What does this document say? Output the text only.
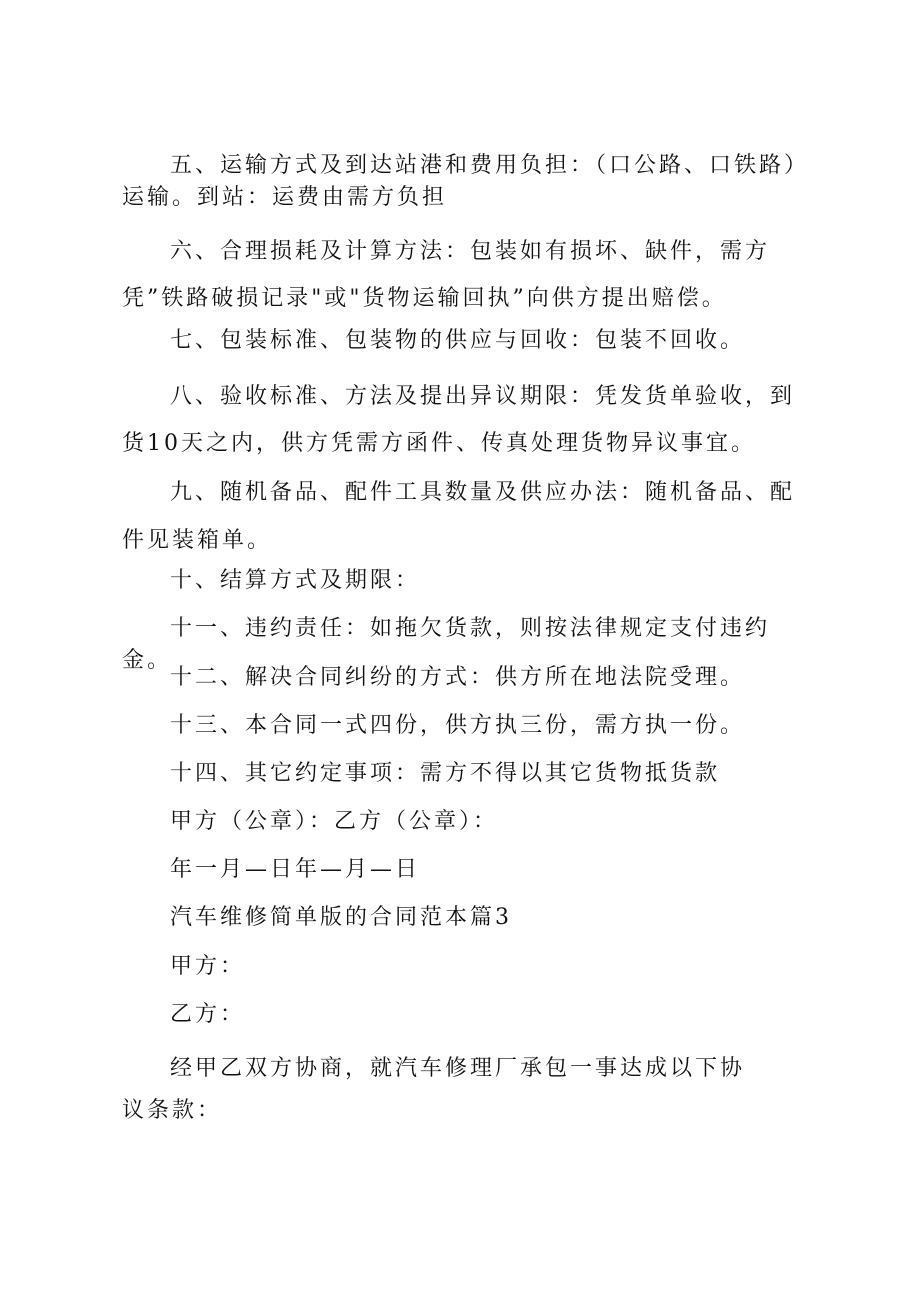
五、运输方式及到达站港和费用负担：（口公路、口铁路）运输。到站：运费由需方负担

六、合理损耗及计算方法：包装如有损坏、缺件，需方凭”铁路破损记录"或"货物运输回执”向供方提出赔偿。

七、包装标准、包装物的供应与回收：包装不回收。

八、验收标准、方法及提出异议期限：凭发货单验收，到货10天之内，供方凭需方函件、传真处理货物异议事宜。

九、随机备品、配件工具数量及供应办法：随机备品、配件见装箱单。

十、结算方式及期限：

十一、违约责任：如拖欠货款，则按法律规定支付违约金。

十二、解决合同纠纷的方式：供方所在地法院受理。

十三、本合同一式四份，供方执三份，需方执一份。

十四、其它约定事项：需方不得以其它货物抵货款

甲方（公章）：乙方（公章）：

年一月—日年—月—日

汽车维修简单版的合同范本篇3

甲方：

乙方：

经甲乙双方协商，就汽车修理厂承包一事达成以下协议条款：
